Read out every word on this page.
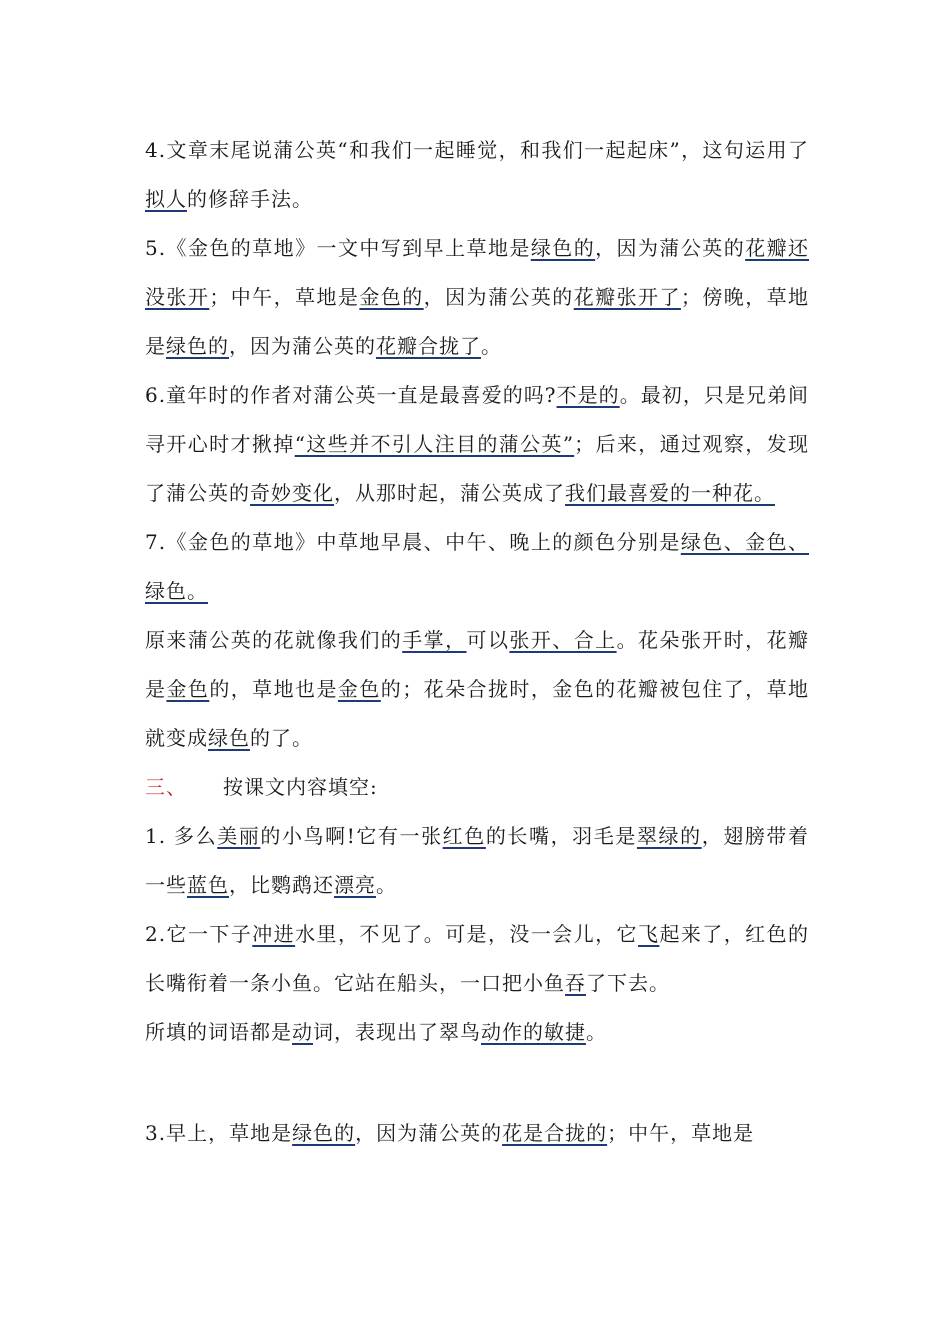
4.文章末尾说蒲公英“和我们一起睡觉，和我们一起起床”，这句运用了拟人的修辞手法。

5.《金色的草地》一文中写到早上草地是绿色的，因为蒲公英的花瓣还没张开；中午，草地是金色的，因为蒲公英的花瓣张开了；傍晚，草地是绿色的，因为蒲公英的花瓣合拢了。

6.童年时的作者对蒲公英一直是最喜爱的吗?不是的。最初，只是兄弟间寻开心时才揪掉“这些并不引人注目的蒲公英”；后来，通过观察，发现了蒲公英的奇妙变化，从那时起，蒲公英成了我们最喜爱的一种花。

7.《金色的草地》中草地早晨、中午、晚上的颜色分别是绿色、金色、绿色。

原来蒲公英的花就像我们的手掌，可以张开、合上。花朵张开时，花瓣是金色的，草地也是金色的；花朵合拢时，金色的花瓣被包住了，草地就变成绿色的了。

三、 按课文内容填空:

1. 多么美丽的小鸟啊!它有一张红色的长嘴，羽毛是翠绿的，翅膀带着一些蓝色，比鹦鹉还漂亮。

2.它一下子冲进水里，不见了。可是，没一会儿，它飞起来了，红色的长嘴衔着一条小鱼。它站在船头，一口把小鱼吞了下去。

所填的词语都是动词，表现出了翠鸟动作的敏捷。

3.早上，草地是绿色的，因为蒲公英的花是合拢的；中午，草地是
